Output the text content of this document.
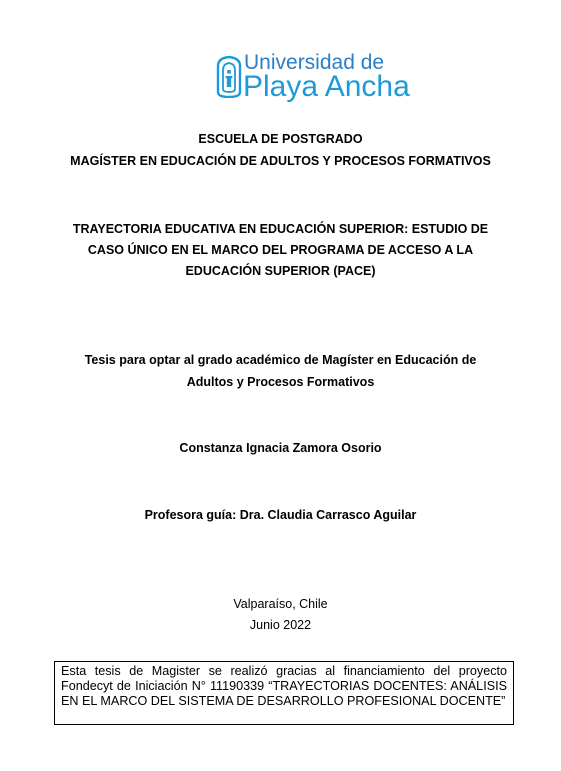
Universidad de
Playa Ancha
ESCUELA DE POSTGRADO
MAGÍSTER EN EDUCACIÓN DE ADULTOS Y PROCESOS FORMATIVOS
TRAYECTORIA EDUCATIVA EN EDUCACIÓN SUPERIOR: ESTUDIO DE
CASO ÚNICO EN EL MARCO DEL PROGRAMA DE ACCESO A LA
EDUCACIÓN SUPERIOR (PACE)
Tesis para optar al grado académico de Magíster en Educación de
Adultos y Procesos Formativos
Constanza Ignacia Zamora Osorio
Profesora guía: Dra. Claudia Carrasco Aguilar
Valparaíso, Chile
Junio 2022
Esta tesis de Magister se realizó gracias al financiamiento del proyecto Fondecyt de Iniciación N° 11190339 “TRAYECTORIAS DOCENTES: ANÁLISIS EN EL MARCO DEL SISTEMA DE DESARROLLO PROFESIONAL DOCENTE”
